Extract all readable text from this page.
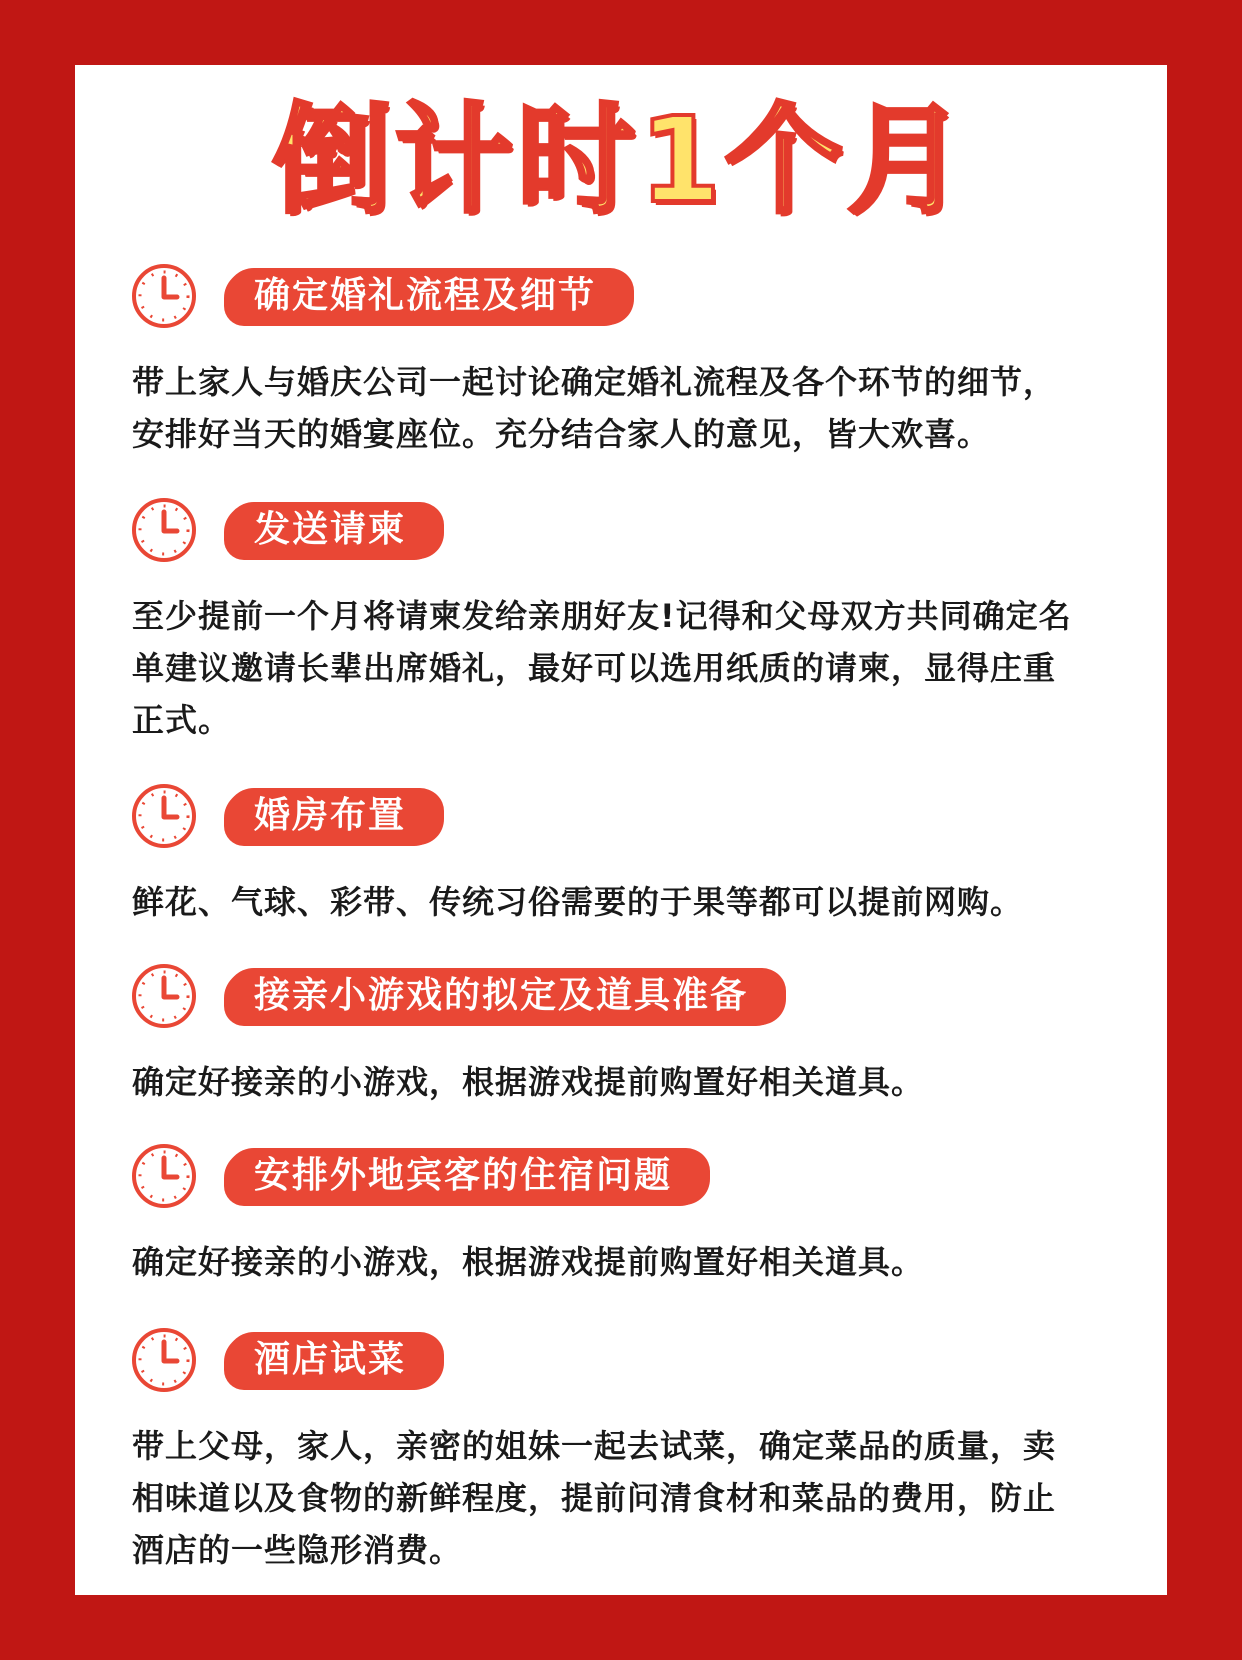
倒计时1个月
确定婚礼流程及细节
带上家人与婚庆公司一起讨论确定婚礼流程及各个环节的细节，
安排好当天的婚宴座位。充分结合家人的意见，皆大欢喜。
发送请柬
至少提前一个月将请柬发给亲朋好友!记得和父母双方共同确定名
单建议邀请长辈出席婚礼，最好可以选用纸质的请柬，显得庄重
正式。
婚房布置
鲜花、气球、彩带、传统习俗需要的于果等都可以提前网购。
接亲小游戏的拟定及道具准备
确定好接亲的小游戏，根据游戏提前购置好相关道具。
安排外地宾客的住宿问题
确定好接亲的小游戏，根据游戏提前购置好相关道具。
酒店试菜
带上父母，家人，亲密的姐妹一起去试菜，确定菜品的质量，卖
相味道以及食物的新鲜程度，提前问清食材和菜品的费用，防止
酒店的一些隐形消费。
